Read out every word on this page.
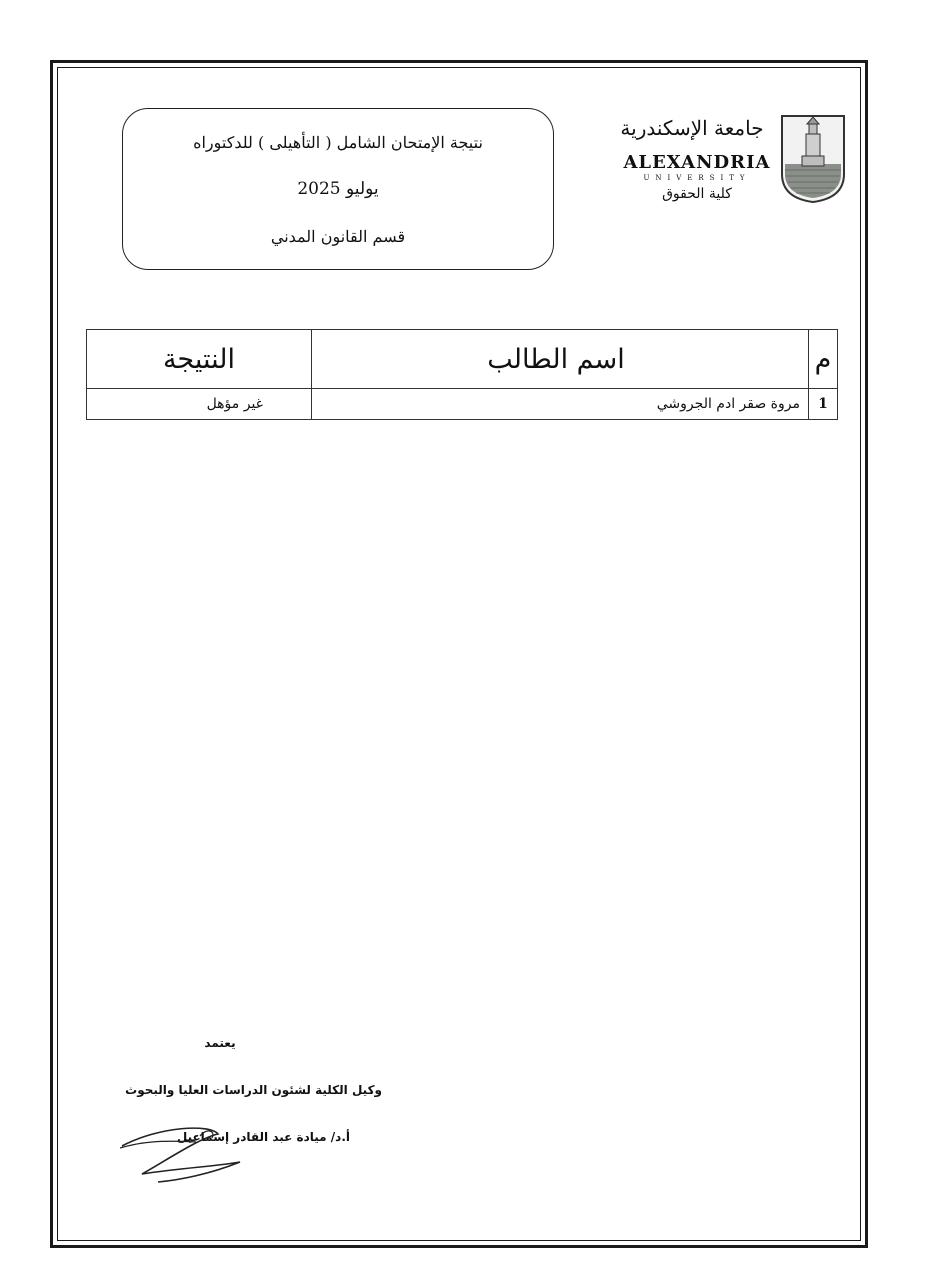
نتيجة الإمتحان الشامل ( التأهيلى ) للدكتوراه
يوليو 2025
قسم القانون المدني
جامعة الإسكندرية
ALEXANDRIA
UNIVERSITY
كلية الحقوق
م	اسم الطالب	النتيجة
1	مروة صقر ادم الجروشي	غير مؤهل
يعتمد
وكيل الكلية لشئون الدراسات العليا والبحوث
أ.د/ ميادة عبد القادر إسماعيل
